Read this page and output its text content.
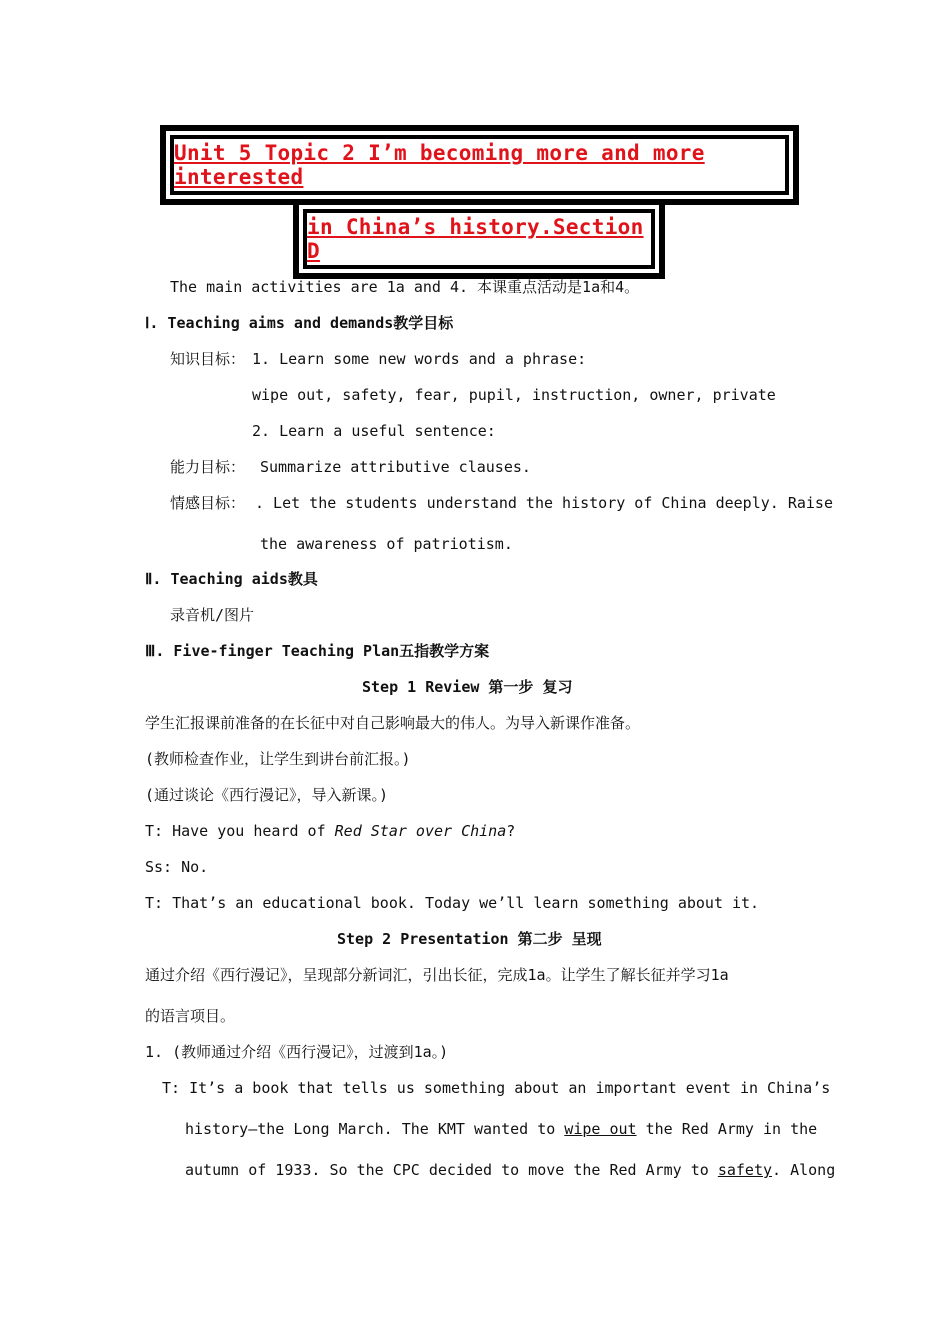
Unit 5 Topic 2 I’m becoming more and more interested
in China’s history.Section D
The main activities are 1a and 4. 本课重点活动是1a和4。
Ⅰ. Teaching aims and demands教学目标
知识目标： 1. Learn some new words and a phrase:
wipe out, safety, fear, pupil, instruction, owner, private
2. Learn a useful sentence:
能力目标： Summarize attributive clauses.
情感目标： . Let the students understand the history of China deeply. Raise
the awareness of patriotism.
Ⅱ. Teaching aids教具
录音机/图片
Ⅲ. Five-finger Teaching Plan五指教学方案
Step 1 Review 第一步 复习
学生汇报课前准备的在长征中对自己影响最大的伟人。为导入新课作准备。
(教师检查作业，让学生到讲台前汇报。)
(通过谈论《西行漫记》，导入新课。)
T: Have you heard of Red Star over China?
Ss: No.
T: That’s an educational book. Today we’ll learn something about it.
Step 2 Presentation 第二步 呈现
通过介绍《西行漫记》，呈现部分新词汇，引出长征，完成1a。让学生了解长征并学习1a
的语言项目。
1. (教师通过介绍《西行漫记》，过渡到1a。)
T: It’s a book that tells us something about an important event in China’s
history—the Long March. The KMT wanted to wipe out the Red Army in the
autumn of 1933. So the CPC decided to move the Red Army to safety. Along
